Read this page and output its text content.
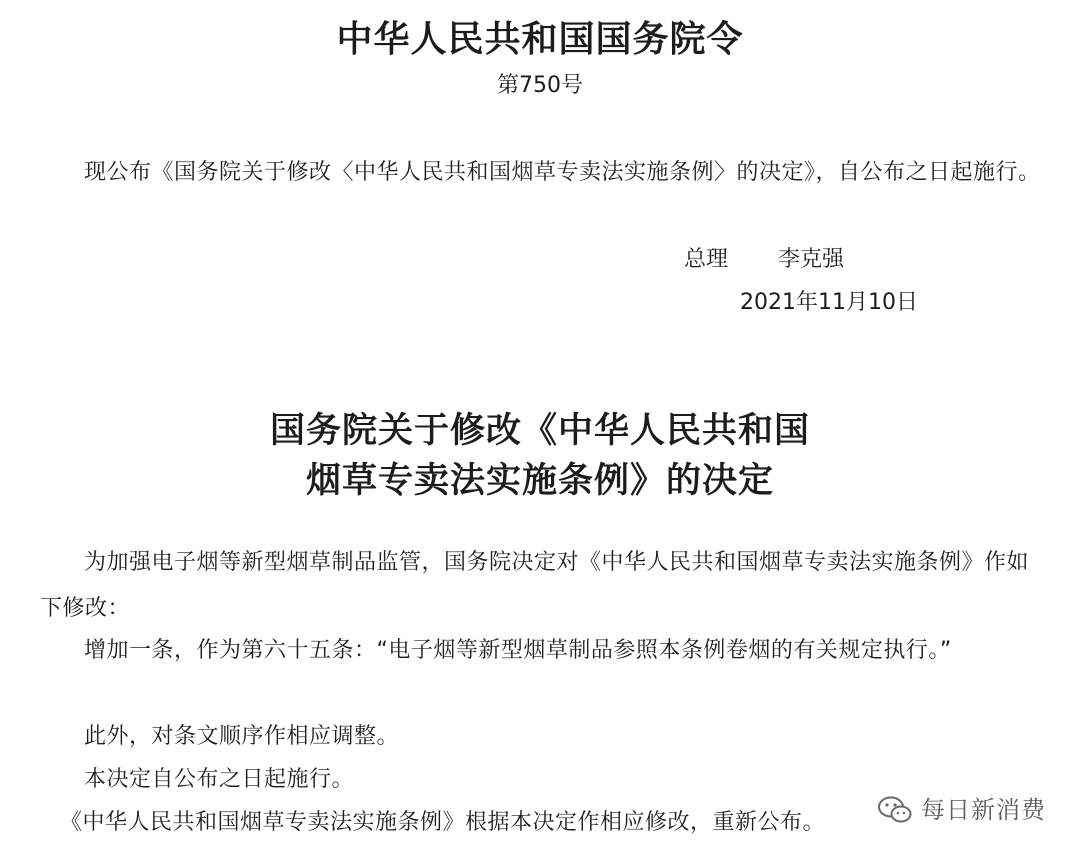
中华人民共和国国务院令
第750号
现公布《国务院关于修改〈中华人民共和国烟草专卖法实施条例〉的决定》，自公布之日起施行。
总理 李克强
2021年11月10日
国务院关于修改《中华人民共和国
烟草专卖法实施条例》的决定
为加强电子烟等新型烟草制品监管，国务院决定对《中华人民共和国烟草专卖法实施条例》作如下修改：
增加一条，作为第六十五条：“电子烟等新型烟草制品参照本条例卷烟的有关规定执行。”
此外，对条文顺序作相应调整。
本决定自公布之日起施行。
《中华人民共和国烟草专卖法实施条例》根据本决定作相应修改，重新公布。	每日新消费
